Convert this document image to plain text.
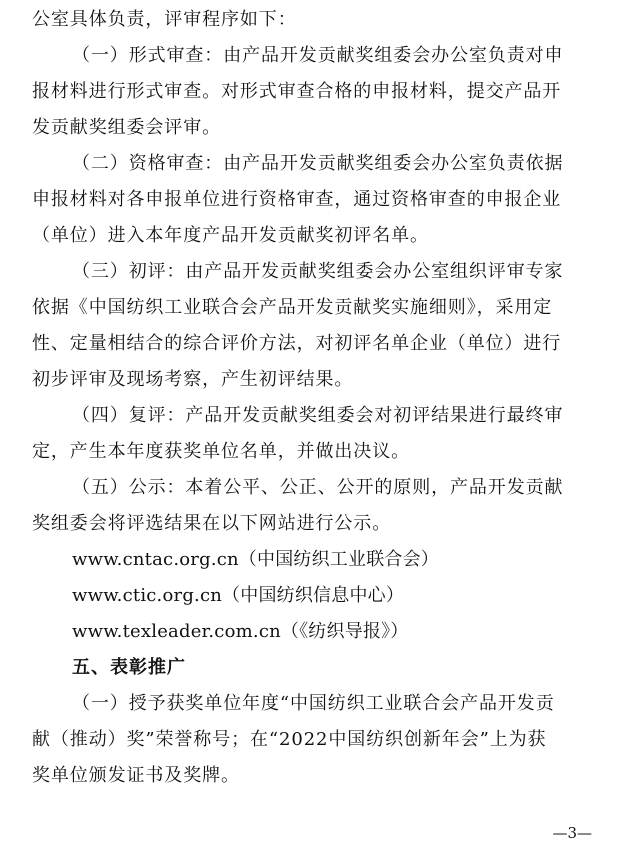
公室具体负责，评审程序如下：
（一）形式审查：由产品开发贡献奖组委会办公室负责对申
报材料进行形式审查。对形式审查合格的申报材料，提交产品开
发贡献奖组委会评审。
（二）资格审查：由产品开发贡献奖组委会办公室负责依据
申报材料对各申报单位进行资格审查，通过资格审查的申报企业
（单位）进入本年度产品开发贡献奖初评名单。
（三）初评：由产品开发贡献奖组委会办公室组织评审专家
依据《中国纺织工业联合会产品开发贡献奖实施细则》，采用定
性、定量相结合的综合评价方法，对初评名单企业（单位）进行
初步评审及现场考察，产生初评结果。
（四）复评：产品开发贡献奖组委会对初评结果进行最终审
定，产生本年度获奖单位名单，并做出决议。
（五）公示：本着公平、公正、公开的原则，产品开发贡献
奖组委会将评选结果在以下网站进行公示。
www.cntac.org.cn（中国纺织工业联合会）
www.ctic.org.cn（中国纺织信息中心）
www.texleader.com.cn（《纺织导报》）
五、表彰推广
（一）授予获奖单位年度“中国纺织工业联合会产品开发贡
献（推动）奖”荣誉称号；在“2022中国纺织创新年会”上为获
奖单位颁发证书及奖牌。
—3—
